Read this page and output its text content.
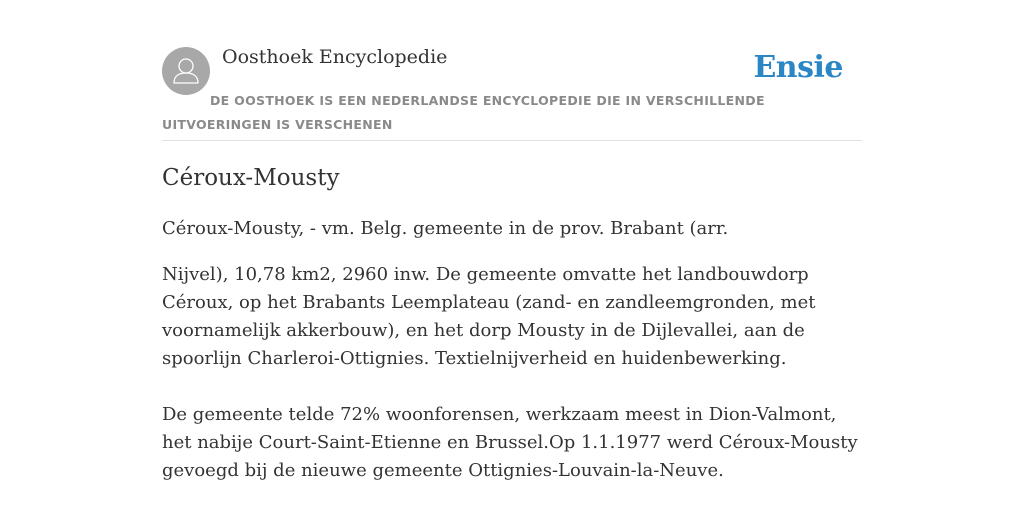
Oosthoek Encyclopedie	Ensie
DE OOSTHOEK IS EEN NEDERLANDSE ENCYCLOPEDIE DIE IN VERSCHILLENDE UITVOERINGEN IS VERSCHENEN
Céroux-Mousty

Céroux-Mousty, - vm. Belg. gemeente in de prov. Brabant (arr.

Nijvel), 10,78 km2, 2960 inw. De gemeente omvatte het landbouwdorp Céroux, op het Brabants Leemplateau (zand- en zandleemgronden, met voornamelijk akkerbouw), en het dorp Mousty in de Dijlevallei, aan de spoorlijn Charleroi-Ottignies. Textielnijverheid en huidenbewerking.

De gemeente telde 72% woonforensen, werkzaam meest in Dion-Valmont, het nabije Court-Saint-Etienne en Brussel.Op 1.1.1977 werd Céroux-Mousty gevoegd bij de nieuwe gemeente Ottignies-Louvain-la-Neuve.
